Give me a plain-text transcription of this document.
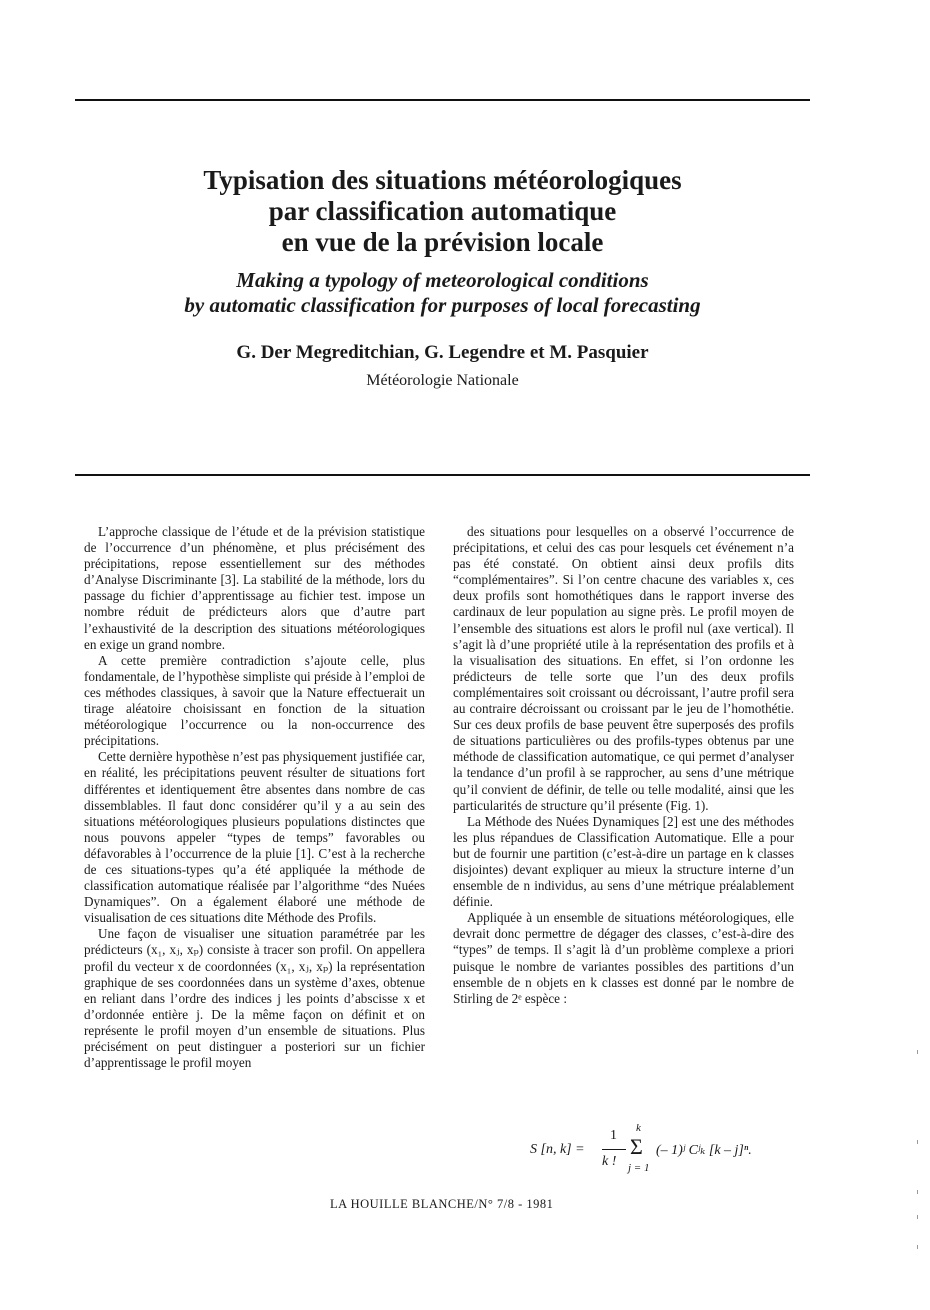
Typisation des situations météorologiques
par classification automatique
en vue de la prévision locale
Making a typology of meteorological conditions
by automatic classification for purposes of local forecasting

G. Der Megreditchian, G. Legendre et M. Pasquier

Météorologie Nationale

L’approche classique de l’étude et de la prévision statistique de l’occurrence d’un phénomène, et plus précisément des précipitations, repose essentiellement sur des méthodes d’Analyse Discriminante [3]. La stabilité de la méthode, lors du passage du fichier d’apprentissage au fichier test. impose un nombre réduit de prédicteurs alors que d’autre part l’exhaustivité de la description des situations météorologiques en exige un grand nombre.

A cette première contradiction s’ajoute celle, plus fondamentale, de l’hypothèse simpliste qui préside à l’emploi de ces méthodes classiques, à savoir que la Nature effectuerait un tirage aléatoire choisissant en fonction de la situation météorologique l’occurrence ou la non-occurrence des précipitations.

Cette dernière hypothèse n’est pas physiquement justifiée car, en réalité, les précipitations peuvent résulter de situations fort différentes et identiquement être absentes dans nombre de cas dissemblables. Il faut donc considérer qu’il y a au sein des situations météorologiques plusieurs populations distinctes que nous pouvons appeler “types de temps” favorables ou défavorables à l’occurrence de la pluie [1]. C’est à la recherche de ces situations-types qu’a été appliquée la méthode de classification automatique réalisée par l’algorithme “des Nuées Dynamiques”. On a également élaboré une méthode de visualisation de ces situations dite Méthode des Profils.

Une façon de visualiser une situation paramétrée par les prédicteurs (x₁, xⱼ, xₚ) consiste à tracer son profil. On appellera profil du vecteur x de coordonnées (x₁, xⱼ, xₚ) la représentation graphique de ses coordonnées dans un système d’axes, obtenue en reliant dans l’ordre des indices j les points d’abscisse x et d’ordonnée entière j. De la même façon on définit et on représente le profil moyen d’un ensemble de situations. Plus précisément on peut distinguer a posteriori sur un fichier d’apprentissage le profil moyen

des situations pour lesquelles on a observé l’occurrence de précipitations, et celui des cas pour lesquels cet événement n’a pas été constaté. On obtient ainsi deux profils dits “complémentaires”. Si l’on centre chacune des variables x, ces deux profils sont homothétiques dans le rapport inverse des cardinaux de leur population au signe près. Le profil moyen de l’ensemble des situations est alors le profil nul (axe vertical). Il s’agit là d’une propriété utile à la représentation des profils et à la visualisation des situations. En effet, si l’on ordonne les prédicteurs de telle sorte que l’un des deux profils complémentaires soit croissant ou décroissant, l’autre profil sera au contraire décroissant ou croissant par le jeu de l’homothétie. Sur ces deux profils de base peuvent être superposés des profils de situations particulières ou des profils-types obtenus par une méthode de classification automatique, ce qui permet d’analyser la tendance d’un profil à se rapprocher, au sens d’une métrique qu’il convient de définir, de telle ou telle modalité, ainsi que les particularités de structure qu’il présente (Fig. 1).

La Méthode des Nuées Dynamiques [2] est une des méthodes les plus répandues de Classification Automatique. Elle a pour but de fournir une partition (c’est-à-dire un partage en k classes disjointes) devant expliquer au mieux la structure interne d’un ensemble de n individus, au sens d’une métrique préalablement définie.

Appliquée à un ensemble de situations météorologiques, elle devrait donc permettre de dégager des classes, c’est-à-dire des “types” de temps. Il s’agit là d’un problème complexe a priori puisque le nombre de variantes possibles des partitions d’un ensemble de n objets en k classes est donné par le nombre de Stirling de 2ᵉ espèce :

S [n, k] =
1
k !
k
Σ
j = 1
(– 1)ʲ Cʲₖ [k – j]ⁿ.
LA HOUILLE BLANCHE/N° 7/8 - 1981
